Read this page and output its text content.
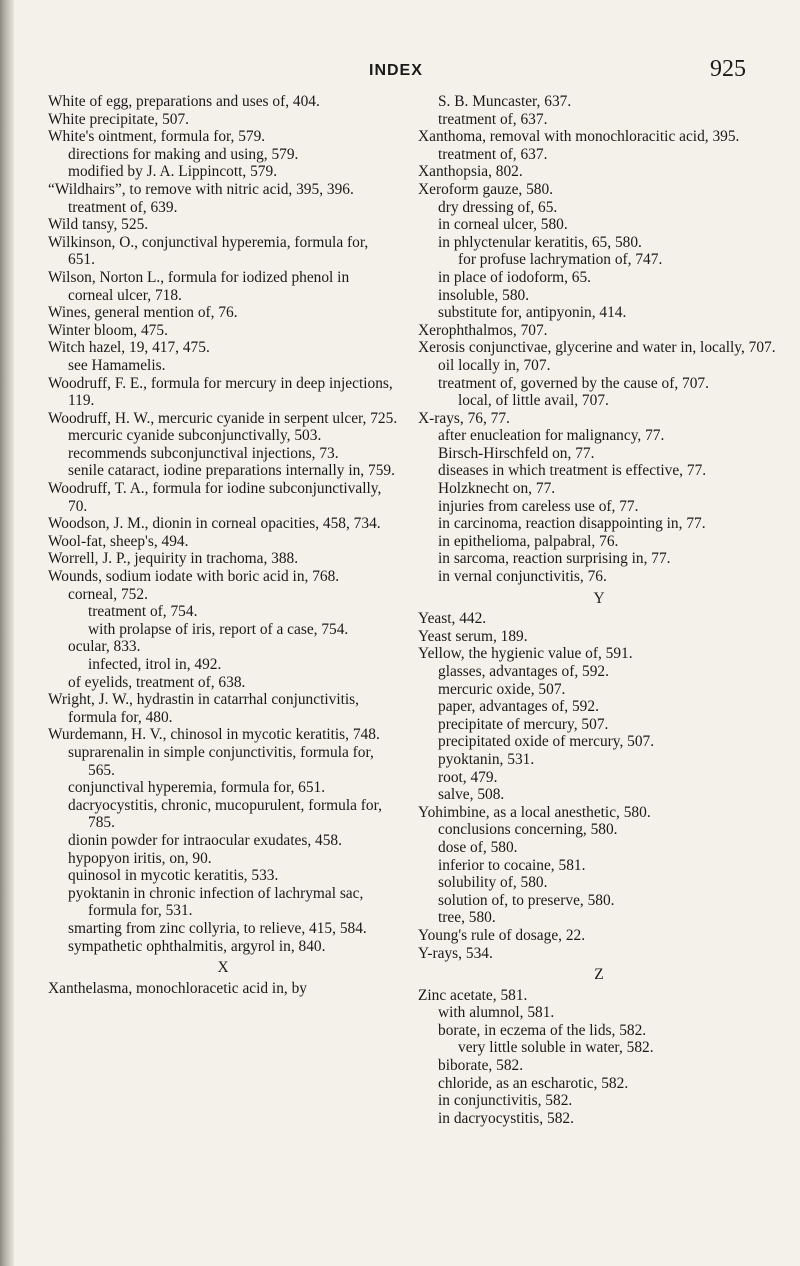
INDEX	925

White of egg, preparations and uses of, 404.

White precipitate, 507.

White's ointment, formula for, 579.

directions for making and using, 579.

modified by J. A. Lippincott, 579.

“Wildhairs”, to remove with nitric acid, 395, 396.

treatment of, 639.

Wild tansy, 525.

Wilkinson, O., conjunctival hyperemia, formula for, 651.

Wilson, Norton L., formula for iodized phenol in corneal ulcer, 718.

Wines, general mention of, 76.

Winter bloom, 475.

Witch hazel, 19, 417, 475.

see Hamamelis.

Woodruff, F. E., formula for mercury in deep injections, 119.

Woodruff, H. W., mercuric cyanide in serpent ulcer, 725.

mercuric cyanide subconjunctivally, 503.

recommends subconjunctival injections, 73.

senile cataract, iodine preparations internally in, 759.

Woodruff, T. A., formula for iodine subconjunctivally, 70.

Woodson, J. M., dionin in corneal opacities, 458, 734.

Wool-fat, sheep's, 494.

Worrell, J. P., jequirity in trachoma, 388.

Wounds, sodium iodate with boric acid in, 768.

corneal, 752.

treatment of, 754.

with prolapse of iris, report of a case, 754.

ocular, 833.

infected, itrol in, 492.

of eyelids, treatment of, 638.

Wright, J. W., hydrastin in catarrhal conjunctivitis, formula for, 480.

Wurdemann, H. V., chinosol in mycotic keratitis, 748.

suprarenalin in simple conjunctivitis, formula for, 565.

conjunctival hyperemia, formula for, 651.

dacryocystitis, chronic, mucopurulent, formula for, 785.

dionin powder for intraocular exudates, 458.

hypopyon iritis, on, 90.

quinosol in mycotic keratitis, 533.

pyoktanin in chronic infection of lachrymal sac, formula for, 531.

smarting from zinc collyria, to relieve, 415, 584.

sympathetic ophthalmitis, argyrol in, 840.

X

Xanthelasma, monochloracetic acid in, by

S. B. Muncaster, 637.

treatment of, 637.

Xanthoma, removal with monochloracitic acid, 395.

treatment of, 637.

Xanthopsia, 802.

Xeroform gauze, 580.

dry dressing of, 65.

in corneal ulcer, 580.

in phlyctenular keratitis, 65, 580.

for profuse lachrymation of, 747.

in place of iodoform, 65.

insoluble, 580.

substitute for, antipyonin, 414.

Xerophthalmos, 707.

Xerosis conjunctivae, glycerine and water in, locally, 707.

oil locally in, 707.

treatment of, governed by the cause of, 707.

local, of little avail, 707.

X-rays, 76, 77.

after enucleation for malignancy, 77.

Birsch-Hirschfeld on, 77.

diseases in which treatment is effective, 77.

Holzknecht on, 77.

injuries from careless use of, 77.

in carcinoma, reaction disappointing in, 77.

in epithelioma, palpabral, 76.

in sarcoma, reaction surprising in, 77.

in vernal conjunctivitis, 76.

Y

Yeast, 442.

Yeast serum, 189.

Yellow, the hygienic value of, 591.

glasses, advantages of, 592.

mercuric oxide, 507.

paper, advantages of, 592.

precipitate of mercury, 507.

precipitated oxide of mercury, 507.

pyoktanin, 531.

root, 479.

salve, 508.

Yohimbine, as a local anesthetic, 580.

conclusions concerning, 580.

dose of, 580.

inferior to cocaine, 581.

solubility of, 580.

solution of, to preserve, 580.

tree, 580.

Young's rule of dosage, 22.

Y-rays, 534.

Z

Zinc acetate, 581.

with alumnol, 581.

borate, in eczema of the lids, 582.

very little soluble in water, 582.

biborate, 582.

chloride, as an escharotic, 582.

in conjunctivitis, 582.

in dacryocystitis, 582.
